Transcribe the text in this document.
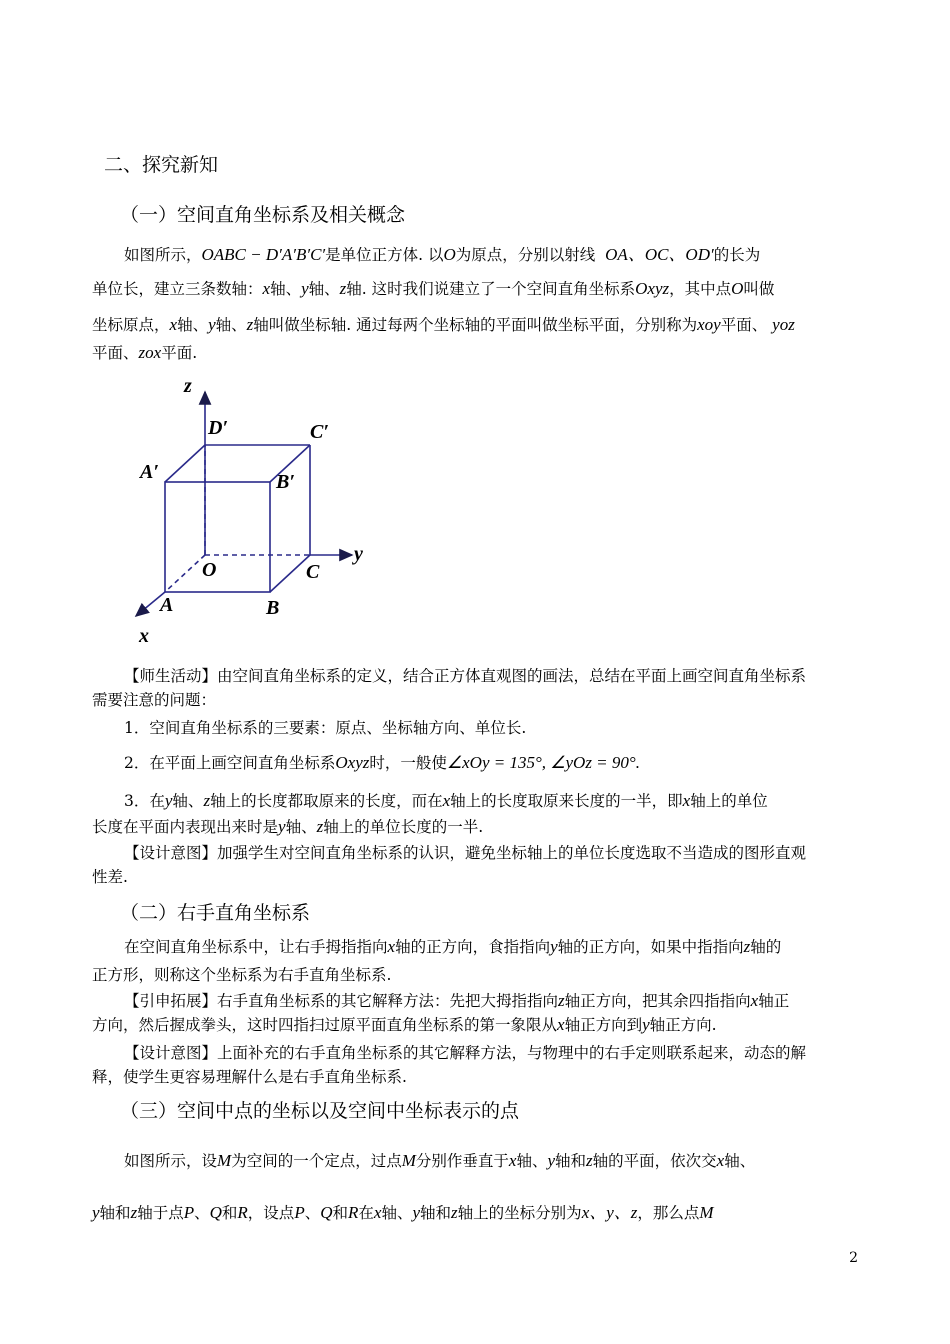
二、探究新知
（一）空间直角坐标系及相关概念

如图所示，OABC − D′A′B′C′是单位正方体. 以O为原点，分别以射线 OA、OC、OD′的长为

单位长，建立三条数轴：x轴、y轴、z轴. 这时我们说建立了一个空间直角坐标系Oxyz，其中点O叫做

坐标原点，x轴、y轴、z轴叫做坐标轴. 通过每两个坐标轴的平面叫做坐标平面，分别称为xoy平面、 yoz

平面、zox平面.

z
D′	C′
A′	B′
y
O	C
A	B
x

【师生活动】由空间直角坐标系的定义，结合正方体直观图的画法，总结在平面上画空间直角坐标系

需要注意的问题：

1．空间直角坐标系的三要素：原点、坐标轴方向、单位长.

2．在平面上画空间直角坐标系Oxyz时，一般使∠xOy = 135°, ∠yOz = 90°.

3．在y轴、z轴上的长度都取原来的长度，而在x轴上的长度取原来长度的一半，即x轴上的单位

长度在平面内表现出来时是y轴、z轴上的单位长度的一半.

【设计意图】加强学生对空间直角坐标系的认识，避免坐标轴上的单位长度选取不当造成的图形直观

性差.

（二）右手直角坐标系

在空间直角坐标系中，让右手拇指指向x轴的正方向，食指指向y轴的正方向，如果中指指向z轴的

正方形，则称这个坐标系为右手直角坐标系.

【引申拓展】右手直角坐标系的其它解释方法：先把大拇指指向z轴正方向，把其余四指指向x轴正

方向，然后握成拳头，这时四指扫过原平面直角坐标系的第一象限从x轴正方向到y轴正方向.

【设计意图】上面补充的右手直角坐标系的其它解释方法，与物理中的右手定则联系起来，动态的解

释，使学生更容易理解什么是右手直角坐标系.

（三）空间中点的坐标以及空间中坐标表示的点

如图所示，设M为空间的一个定点，过点M分别作垂直于x轴、y轴和z轴的平面，依次交x轴、

y轴和z轴于点P、Q和R，设点P、Q和R在x轴、y轴和z轴上的坐标分别为x、y、z，那么点M

2
